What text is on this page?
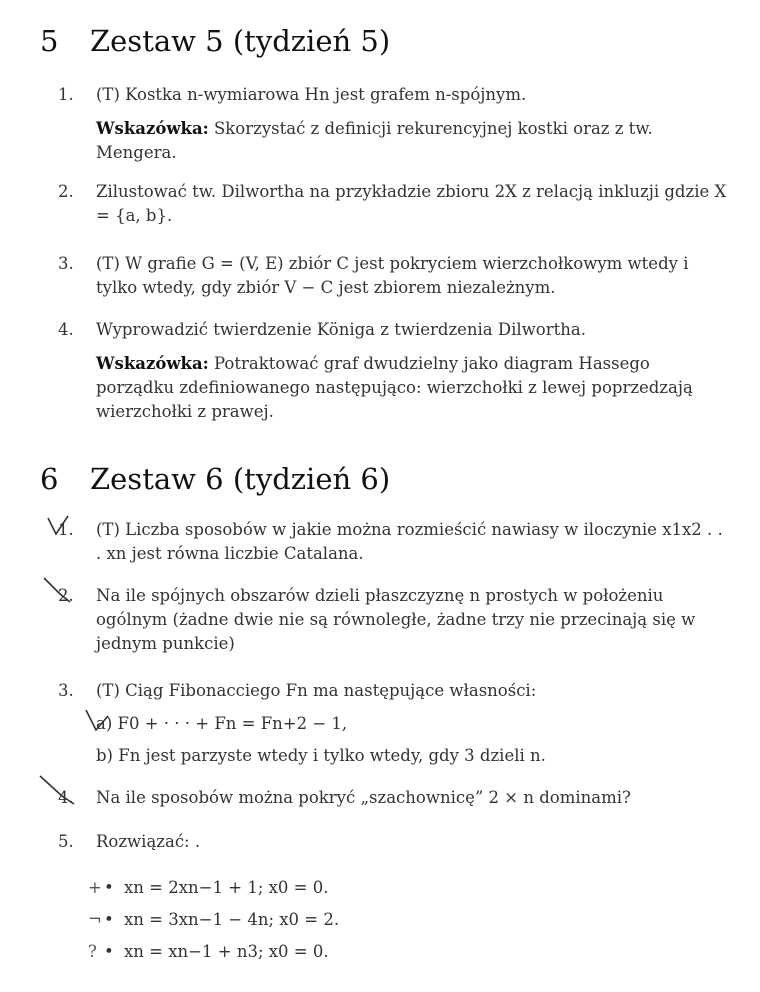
5 Zestaw 5 (tydzień 5)
1. (T) Kostka n-wymiarowa Hn jest grafem n-spójnym.
Wskazówka: Skorzystać z definicji rekurencyjnej kostki oraz z tw. Mengera.
2. Zilustować tw. Dilwortha na przykładzie zbioru 2X z relacją inkluzji gdzie X = {a, b}.
3. (T) W grafie G = (V, E) zbiór C jest pokryciem wierzchołkowym wtedy i tylko wtedy, gdy zbiór V − C jest zbiorem niezależnym.
4. Wyprowadzić twierdzenie Königa z twierdzenia Dilwortha.
Wskazówka: Potraktować graf dwudzielny jako diagram Hassego porządku zdefiniowanego następująco: wierzchołki z lewej poprzedzają wierzchołki z prawej.
6 Zestaw 6 (tydzień 6)
1. (T) Liczba sposobów w jakie można rozmieścić nawiasy w iloczynie x1x2 . . . xn jest równa liczbie Catalana.
2. Na ile spójnych obszarów dzieli płaszczyznę n prostych w położeniu ogólnym (żadne dwie nie są równoległe, żadne trzy nie przecinają się w jednym punkcie)
3. (T) Ciąg Fibonacciego Fn ma następujące własności:
a) F0 + · · · + Fn = Fn+2 − 1,
b) Fn jest parzyste wtedy i tylko wtedy, gdy 3 dzieli n.
4. Na ile sposobów można pokryć „szachownicę” 2 × n dominami?
5. Rozwiązać: .
+ • xn = 2xn−1 + 1; x0 = 0.
¬ • xn = 3xn−1 − 4n; x0 = 2.
? • xn = xn−1 + n3; x0 = 0.
